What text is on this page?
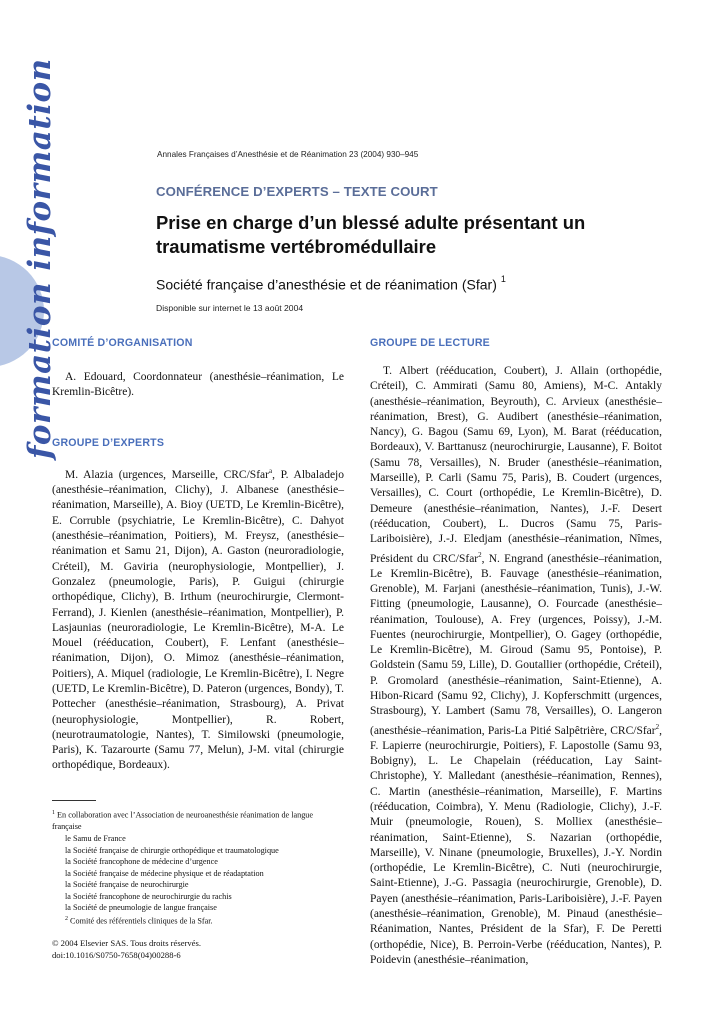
formation information	Annales Françaises d’Anesthésie et de Réanimation 23 (2004) 930–945
CONFÉRENCE D’EXPERTS – TEXTE COURT
Prise en charge d’un blessé adulte présentant un traumatisme vertébromédullaire
Société française d’anesthésie et de réanimation (Sfar) $^1$
Disponible sur internet le 13 août 2004
COMITÉ D’ORGANISATION

A. Edouard, Coordonnateur (anesthésie–réanimation, Le Kremlin-Bicêtre).

GROUPE D’EXPERTS

M. Alazia (urgences, Marseille, CRC/Sfar$^a$, P. Albaladejo (anesthésie–réanimation, Clichy), J. Albanese (anesthésie–réanimation, Marseille), A. Bioy (UETD, Le Kremlin-Bicêtre), E. Corruble (psychiatrie, Le Kremlin-Bicêtre), C. Dahyot (anesthésie–réanimation, Poitiers), M. Freysz, (anesthésie–réanimation et Samu 21, Dijon), A. Gaston (neuroradiologie, Créteil), M. Gaviria (neurophysiologie, Montpellier), J. Gonzalez (pneumologie, Paris), P. Guigui (chirurgie orthopédique, Clichy), B. Irthum (neurochirurgie, Clermont-Ferrand), J. Kienlen (anesthésie–réanimation, Montpellier), P. Lasjaunias (neuroradiologie, Le Kremlin-Bicêtre), M-A. Le Mouel (rééducation, Coubert), F. Lenfant (anesthésie–réanimation, Dijon), O. Mimoz (anesthésie–réanimation, Poitiers), A. Miquel (radiologie, Le Kremlin-Bicêtre), I. Negre (UETD, Le Kremlin-Bicêtre), D. Pateron (urgences, Bondy), T. Pottecher (anesthésie–réanimation, Strasbourg), A. Privat (neurophysiologie, Montpellier), R. Robert, (neurotraumatologie, Nantes), T. Similowski (pneumologie, Paris), K. Tazarourte (Samu 77, Melun), J-M. vital (chirurgie orthopédique, Bordeaux).

GROUPE DE LECTURE

T. Albert (rééducation, Coubert), J. Allain (orthopédie, Créteil), C. Ammirati (Samu 80, Amiens), M-C. Antakly (anesthésie–réanimation, Beyrouth), C. Arvieux (anesthésie–réanimation, Brest), G. Audibert (anesthésie–réanimation, Nancy), G. Bagou (Samu 69, Lyon), M. Barat (rééducation, Bordeaux), V. Barttanusz (neurochirurgie, Lausanne), F. Boitot (Samu 78, Versailles), N. Bruder (anesthésie–réanimation, Marseille), P. Carli (Samu 75, Paris), B. Coudert (urgences, Versailles), C. Court (orthopédie, Le Kremlin-Bicêtre), D. Demeure (anesthésie–réanimation, Nantes), J.-F. Desert (rééducation, Coubert), L. Ducros (Samu 75, Paris-Lariboisière), J.-J. Eledjam (anesthésie–réanimation, Nîmes, Président du CRC/Sfar$^2$, N. Engrand (anesthésie–réanimation, Le Kremlin-Bicêtre), B. Fauvage (anesthésie–réanimation, Grenoble), M. Farjani (anesthésie–réanimation, Tunis), J.-W. Fitting (pneumologie, Lausanne), O. Fourcade (anesthésie–réanimation, Toulouse), A. Frey (urgences, Poissy), J.-M. Fuentes (neurochirurgie, Montpellier), O. Gagey (orthopédie, Le Kremlin-Bicêtre), M. Giroud (Samu 95, Pontoise), P. Goldstein (Samu 59, Lille), D. Goutallier (orthopédie, Créteil), P. Gromolard (anesthésie–réanimation, Saint-Etienne), A. Hibon-Ricard (Samu 92, Clichy), J. Kopferschmitt (urgences, Strasbourg), Y. Lambert (Samu 78, Versailles), O. Langeron (anesthésie–réanimation, Paris-La Pitié Salpêtrière, CRC/Sfar$^2$, F. Lapierre (neurochirurgie, Poitiers), F. Lapostolle (Samu 93, Bobigny), L. Le Chapelain (rééducation, Lay Saint-Christophe), Y. Malledant (anesthésie–réanimation, Rennes), C. Martin (anesthésie–réanimation, Marseille), F. Martins (rééducation, Coimbra), Y. Menu (Radiologie, Clichy), J.-F. Muir (pneumologie, Rouen), S. Molliex (anesthésie–réanimation, Saint-Etienne), S. Nazarian (orthopédie, Marseille), V. Ninane (pneumologie, Bruxelles), J.-Y. Nordin (orthopédie, Le Kremlin-Bicêtre), C. Nuti (neurochirurgie, Saint-Etienne), J.-G. Passagia (neurochirurgie, Grenoble), D. Payen (anesthésie–réanimation, Paris-Lariboisière), J.-F. Payen (anesthésie–réanimation, Grenoble), M. Pinaud (anesthésie–Réanimation, Nantes, Président de la Sfar), F. De Peretti (orthopédie, Nice), B. Perroin-Verbe (rééducation, Nantes), P. Poidevin (anesthésie–réanimation,

$^1$ En collaboration avec l’Association de neuroanesthésie réanimation de langue française

le Samu de France

la Société française de chirurgie orthopédique et traumatologique

la Société francophone de médecine d’urgence

la Société française de médecine physique et de réadaptation

la Société française de neurochirurgie

la Société francophone de neurochirurgie du rachis

la Société de pneumologie de langue française

$^2$ Comité des référentiels cliniques de la Sfar.

© 2004 Elsevier SAS. Tous droits réservés.
doi:10.1016/S0750-7658(04)00288-6
